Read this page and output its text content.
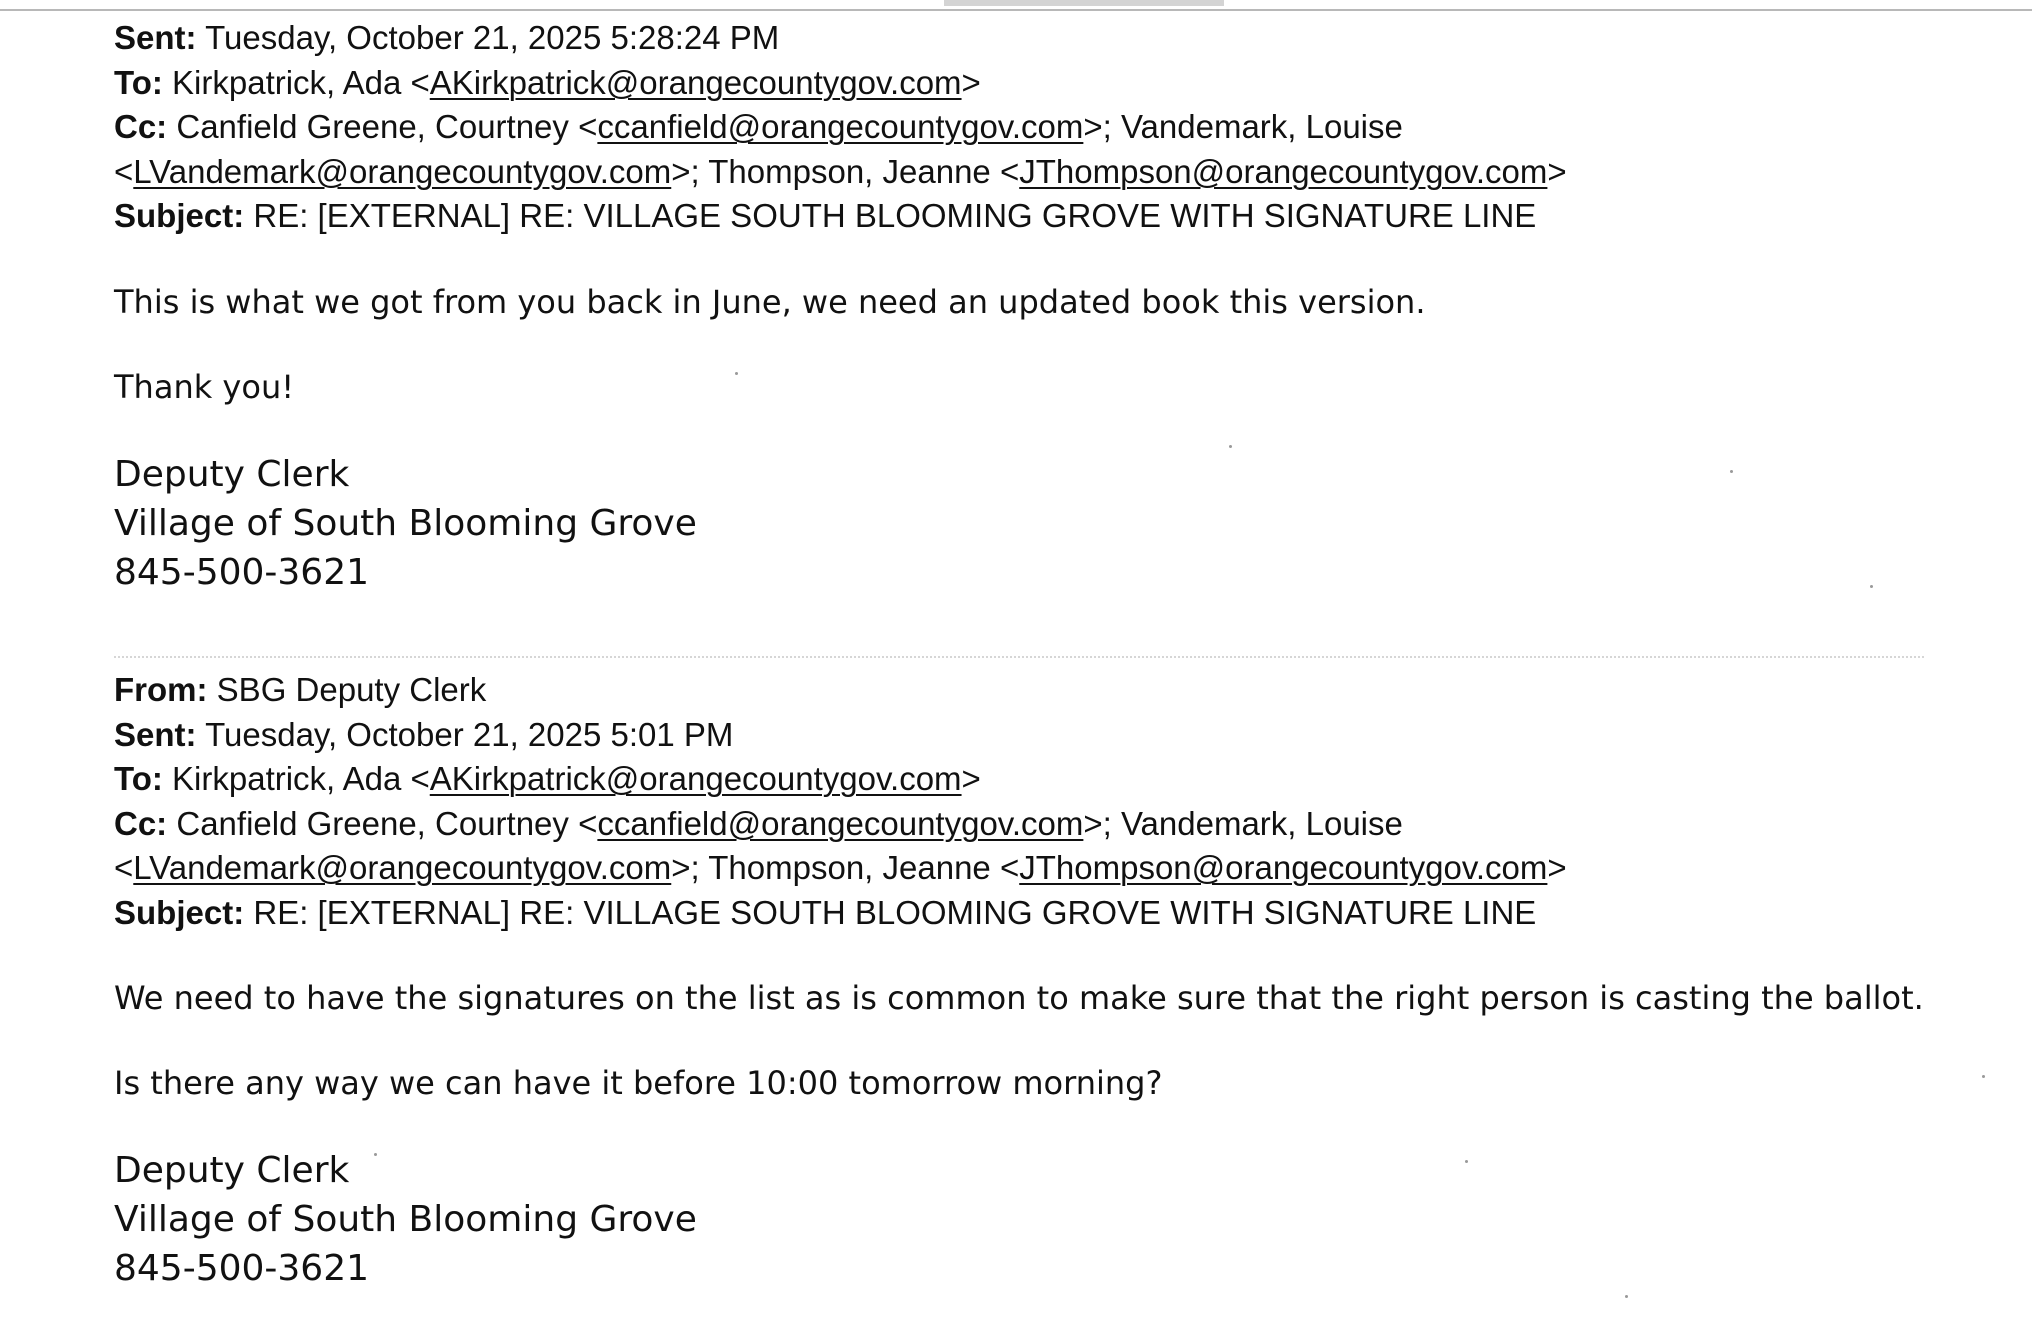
Sent: Tuesday, October 21, 2025 5:28:24 PM
To: Kirkpatrick, Ada <AKirkpatrick@orangecountygov.com>
Cc: Canfield Greene, Courtney <ccanfield@orangecountygov.com>; Vandemark, Louise
<LVandemark@orangecountygov.com>; Thompson, Jeanne <JThompson@orangecountygov.com>
Subject: RE: [EXTERNAL] RE: VILLAGE SOUTH BLOOMING GROVE WITH SIGNATURE LINE
This is what we got from you back in June, we need an updated book this version.
Thank you!
Deputy Clerk
Village of South Blooming Grove
845-500-3621
From: SBG Deputy Clerk
Sent: Tuesday, October 21, 2025 5:01 PM
To: Kirkpatrick, Ada <AKirkpatrick@orangecountygov.com>
Cc: Canfield Greene, Courtney <ccanfield@orangecountygov.com>; Vandemark, Louise
<LVandemark@orangecountygov.com>; Thompson, Jeanne <JThompson@orangecountygov.com>
Subject: RE: [EXTERNAL] RE: VILLAGE SOUTH BLOOMING GROVE WITH SIGNATURE LINE
We need to have the signatures on the list as is common to make sure that the right person is casting the ballot.
Is there any way we can have it before 10:00 tomorrow morning?
Deputy Clerk
Village of South Blooming Grove
845-500-3621
